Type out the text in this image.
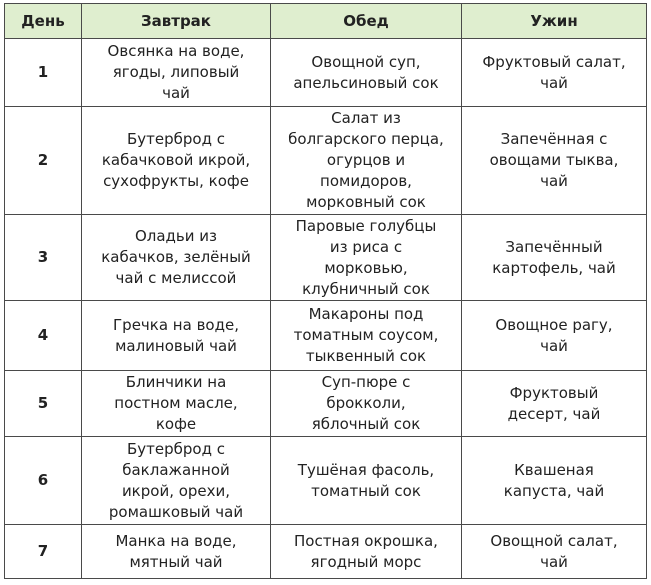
День	Завтрак	Обед	Ужин
1	Овсянка на воде,
ягоды, липовый
чай	Овощной суп,
апельсиновый сок	Фруктовый салат,
чай

2	Бутерброд с
кабачковой икрой,
сухофрукты, кофе	Салат из
болгарского перца,
огурцов и
помидоров,
морковный сок	Запечённая с
овощами тыква,
чай

3	Оладьи из
кабачков, зелёный
чай с мелиссой	Паровые голубцы
из риса с
морковью,
клубничный сок	Запечённый
картофель, чай

4	Гречка на воде,
малиновый чай	Макароны под
томатным соусом,
тыквенный сок	Овощное рагу,
чай

5	Блинчики на
постном масле,
кофе	Суп-пюре с
брокколи,
яблочный сок	Фруктовый
десерт, чай

6	Бутерброд с
баклажанной
икрой, орехи,
ромашковый чай	Тушёная фасоль,
томатный сок	Квашеная
капуста, чай

7	Манка на воде,
мятный чай	Постная окрошка,
ягодный морс	Овощной салат,
чай
